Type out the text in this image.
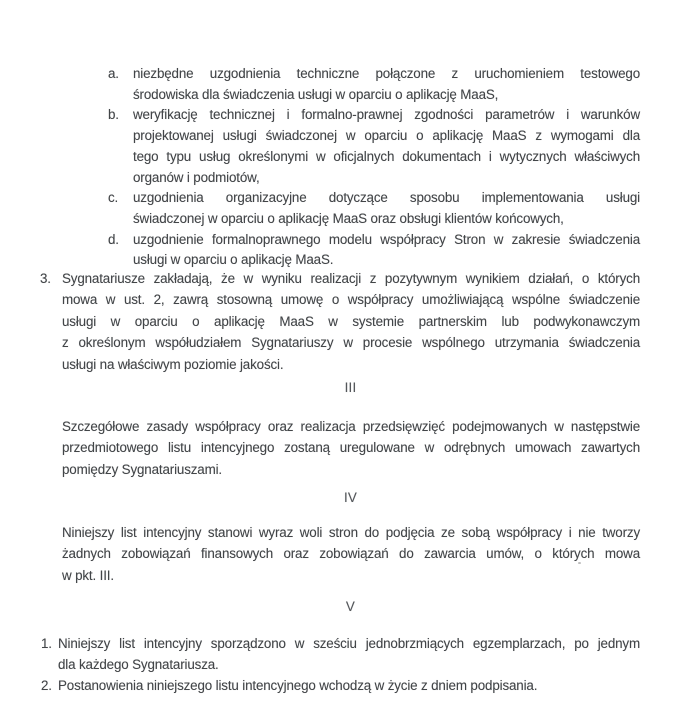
a. niezbędne uzgodnienia techniczne połączone z uruchomieniem testowego
środowiska dla świadczenia usługi w oparciu o aplikację MaaS,
b. weryfikację technicznej i formalno-prawnej zgodności parametrów i warunków
projektowanej usługi świadczonej w oparciu o aplikację MaaS z wymogami dla
tego typu usług określonymi w oficjalnych dokumentach i wytycznych właściwych
organów i podmiotów,
c. uzgodnienia organizacyjne dotyczące sposobu implementowania usługi
świadczonej w oparciu o aplikację MaaS oraz obsługi klientów końcowych,
d. uzgodnienie formalnoprawnego modelu współpracy Stron w zakresie świadczenia
usługi w oparciu o aplikację MaaS.
3. Sygnatariusze zakładają, że w wyniku realizacji z pozytywnym wynikiem działań, o których
mowa w ust. 2, zawrą stosowną umowę o współpracy umożliwiającą wspólne świadczenie
usługi w oparciu o aplikację MaaS w systemie partnerskim lub podwykonawczym
z określonym współudziałem Sygnatariuszy w procesie wspólnego utrzymania świadczenia
usługi na właściwym poziomie jakości.
III
Szczegółowe zasady współpracy oraz realizacja przedsięwzięć podejmowanych w następstwie
przedmiotowego listu intencyjnego zostaną uregulowane w odrębnych umowach zawartych
pomiędzy Sygnatariuszami.
IV
Niniejszy list intencyjny stanowi wyraz woli stron do podjęcia ze sobą współpracy i nie tworzy
żadnych zobowiązań finansowych oraz zobowiązań do zawarcia umów, o których mowa
w pkt. III.
V
1. Niniejszy list intencyjny sporządzono w sześciu jednobrzmiących egzemplarzach, po jednym
dla każdego Sygnatariusza.
2. Postanowienia niniejszego listu intencyjnego wchodzą w życie z dniem podpisania.
